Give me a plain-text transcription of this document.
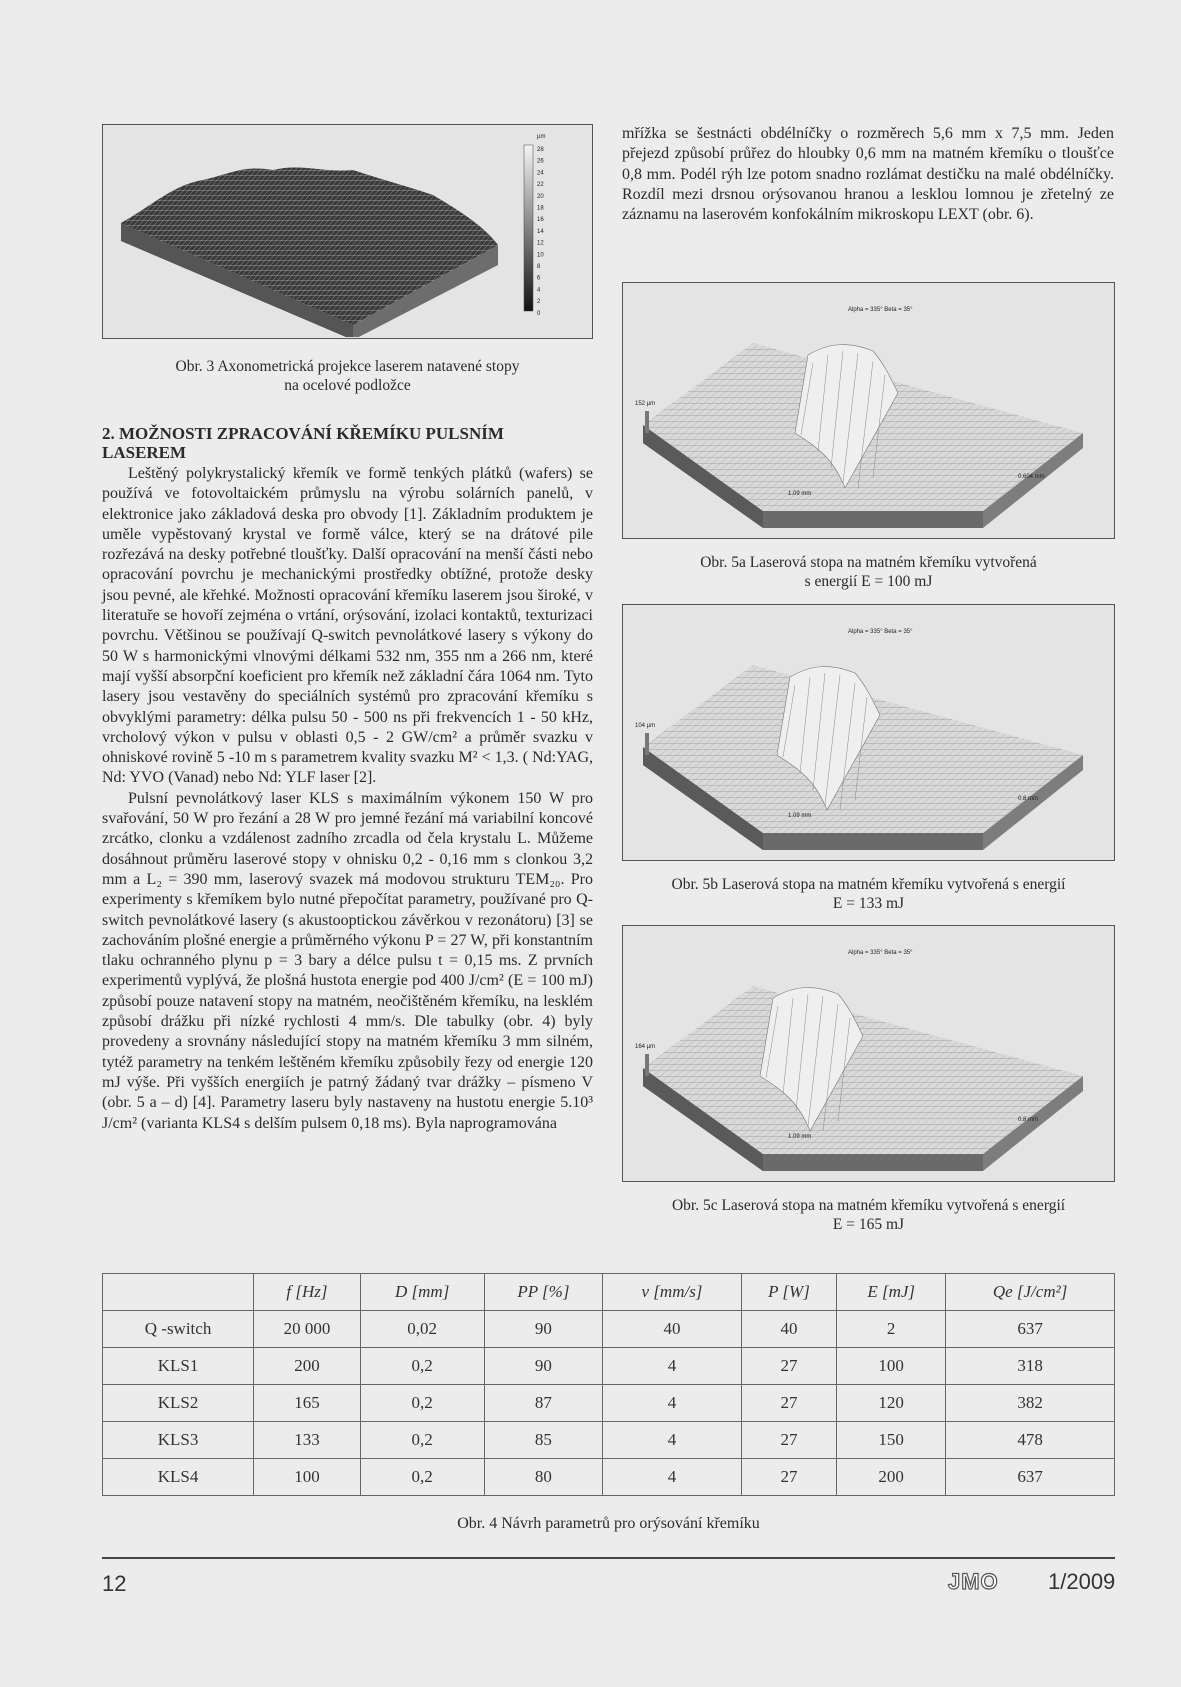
µm
28
26
24
22
20
18
16
14
12
10
8
6
4
2
0
Obr. 3 Axonometrická projekce laserem natavené stopy
na ocelové podložce
2. MOŽNOSTI ZPRACOVÁNÍ KŘEMÍKU PULSNÍM
LASEREM

Leštěný polykrystalický křemík ve formě tenkých plátků (wafers) se používá ve fotovoltaickém průmyslu na výrobu solárních panelů, v elektronice jako základová deska pro obvody [1]. Základním produktem je uměle vypěstovaný krystal ve formě válce, který se na drátové pile rozřezává na desky potřebné tloušťky. Další opracování na menší části nebo opracování povrchu je mechanickými prostředky obtížné, protože desky jsou pevné, ale křehké. Možnosti opracování křemíku laserem jsou široké, v literatuře se hovoří zejména o vrtání, orýsování, izolaci kontaktů, texturizaci povrchu. Většinou se používají Q-switch pevnolátkové lasery s výkony do 50 W s harmonickými vlnovými délkami 532 nm, 355 nm a 266 nm, které mají vyšší absorpční koeficient pro křemík než základní čára 1064 nm. Tyto lasery jsou vestavěny do speciálních systémů pro zpracování křemíku s obvyklými parametry: délka pulsu 50 - 500 ns při frekvencích 1 - 50 kHz, vrcholový výkon v pulsu v oblasti 0,5 - 2 GW/cm² a průměr svazku v ohniskové rovině 5 -10 m s parametrem kvality svazku M² < 1,3. ( Nd:YAG, Nd: YVO (Vanad) nebo Nd: YLF laser [2].

Pulsní pevnolátkový laser KLS s maximálním výkonem 150 W pro svařování, 50 W pro řezání a 28 W pro jemné řezání má variabilní koncové zrcátko, clonku a vzdálenost zadního zrcadla od čela krystalu L. Můžeme dosáhnout průměru laserové stopy v ohnisku 0,2 - 0,16 mm s clonkou 3,2 mm a L₂ = 390 mm, laserový svazek má modovou strukturu TEM₂₀. Pro experimenty s křemíkem bylo nutné přepočítat parametry, používané pro Q-switch pevnolátkové lasery (s akustooptickou závěrkou v rezonátoru) [3] se zachováním plošné energie a průměrného výkonu P = 27 W, při konstantním tlaku ochranného plynu p = 3 bary a délce pulsu t = 0,15 ms. Z prvních experimentů vyplývá, že plošná hustota energie pod 400 J/cm² (E = 100 mJ) způsobí pouze natavení stopy na matném, neočištěném křemíku, na lesklém způsobí drážku při nízké rychlosti 4 mm/s. Dle tabulky (obr. 4) byly provedeny a srovnány následující stopy na matném křemíku 3 mm silném, tytéž parametry na tenkém leštěném křemíku způsobily řezy od energie 120 mJ výše. Při vyšších energiích je patrný žádaný tvar drážky – písmeno V (obr. 5 a – d) [4]. Parametry laseru byly nastaveny na hustotu energie 5.10³ J/cm² (varianta KLS4 s delším pulsem 0,18 ms). Byla naprogramována

mřížka se šestnácti obdélníčky o rozměrech 5,6 mm x 7,5 mm. Jeden přejezd způsobí průřez do hloubky 0,6 mm na matném křemíku o tloušťce 0,8 mm. Podél rýh lze potom snadno rozlámat destičku na malé obdélníčky. Rozdíl mezi drsnou orýsovanou hranou a lesklou lomnou je zřetelný ze záznamu na laserovém konfokálním mikroskopu LEXT (obr. 6).

Alpha = 335° Beta = 35°
152 µm
1.09 mm
0.604 mm
Obr. 5a Laserová stopa na matném křemíku vytvořená
s energií E = 100 mJ
Alpha = 335° Beta = 35°
104 µm
1.09 mm
0.8 mm
Obr. 5b Laserová stopa na matném křemíku vytvořená s energií
E = 133 mJ
Alpha = 335° Beta = 35°
164 µm
1.09 mm
0.8 mm
Obr. 5c Laserová stopa na matném křemíku vytvořená s energií
E = 165 mJ
	f [Hz]	D [mm]	PP [%]	v [mm/s]	P [W]	E [mJ]	Qe [J/cm²]
Q -switch	20 000	0,02	90	40	40	2	637
KLS1	200	0,2	90	4	27	100	318
KLS2	165	0,2	87	4	27	120	382
KLS3	133	0,2	85	4	27	150	478
KLS4	100	0,2	80	4	27	200	637
Obr. 4 Návrh parametrů pro orýsování křemíku
12	JMO 1/2009
